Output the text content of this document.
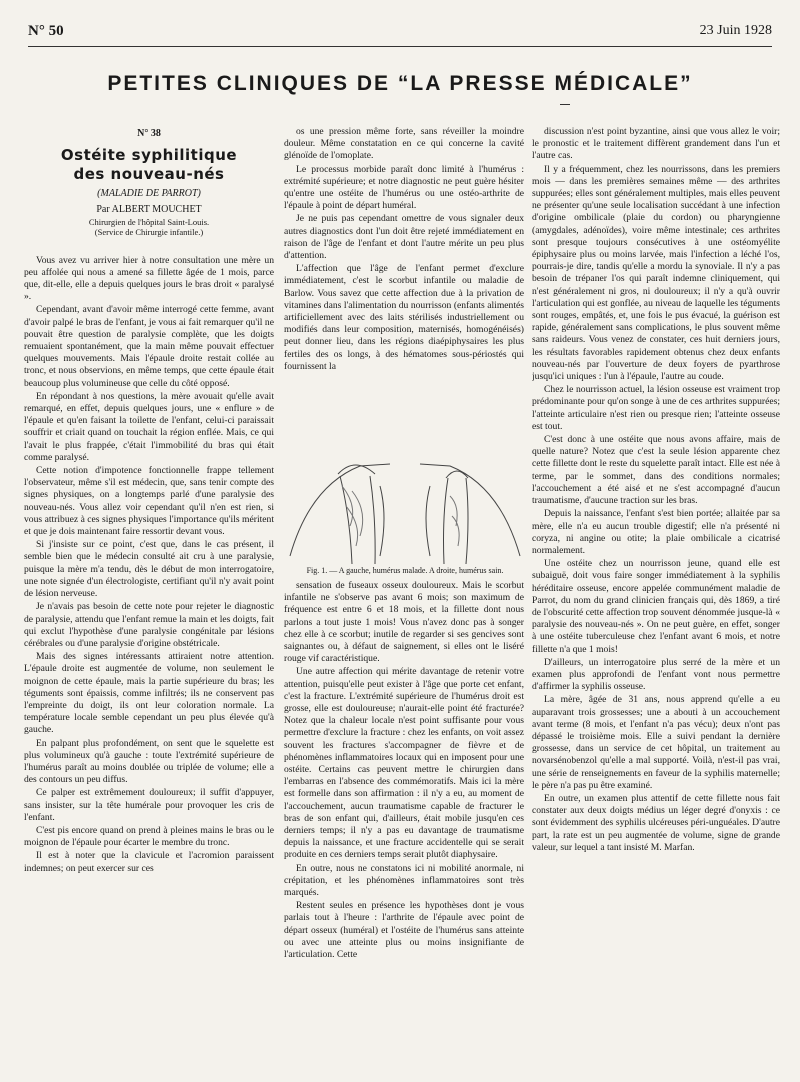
N° 50	23 Juin 1928
PETITES CLINIQUES DE “LA PRESSE MÉDICALE”
N° 38
Ostéite syphilitique
des nouveau-nés
(MALADIE DE PARROT)
Par ALBERT MOUCHET
Chirurgien de l'hôpital Saint-Louis.
(Service de Chirurgie infantile.)

Vous avez vu arriver hier à notre consultation une mère un peu affolée qui nous a amené sa fillette âgée de 1 mois, parce que, dit-elle, elle a depuis quelques jours le bras droit « paralysé ».

Cependant, avant d'avoir même interrogé cette femme, avant d'avoir palpé le bras de l'enfant, je vous ai fait remarquer qu'il ne pouvait être question de paralysie complète, que les doigts remuaient spontanément, que la main même pouvait effectuer quelques mouvements. Mais l'épaule droite restait collée au tronc, et nous observions, en même temps, que cette épaule était beaucoup plus volumineuse que celle du côté opposé.

En répondant à nos questions, la mère avouait qu'elle avait remarqué, en effet, depuis quelques jours, une « enflure » de l'épaule et qu'en faisant la toilette de l'enfant, celui-ci paraissait souffrir et criait quand on touchait la région enflée. Mais, ce qui l'avait le plus frappée, c'était l'immobilité du bras qui était comme paralysé.

Cette notion d'impotence fonctionnelle frappe tellement l'observateur, même s'il est médecin, que, sans tenir compte des signes physiques, on a longtemps parlé d'une paralysie des nouveau-nés. Vous allez voir cependant qu'il n'en est rien, si vous attribuez à ces signes physiques l'importance qu'ils méritent et que je dois maintenant faire ressortir devant vous.

Si j'insiste sur ce point, c'est que, dans le cas présent, il semble bien que le médecin consulté ait cru à une paralysie, puisque la mère m'a tendu, dès le début de mon interrogatoire, une note signée d'un électrologiste, certifiant qu'il n'y avait point de lésion nerveuse.

Je n'avais pas besoin de cette note pour rejeter le diagnostic de paralysie, attendu que l'enfant remue la main et les doigts, fait qui exclut l'hypothèse d'une paralysie congénitale par lésions cérébrales ou d'une paralysie d'origine obstétricale.

Mais des signes intéressants attiraient notre attention. L'épaule droite est augmentée de volume, non seulement le moignon de cette épaule, mais la partie supérieure du bras; les téguments sont épaissis, comme infiltrés; ils ne conservent pas l'empreinte du doigt, ils ont leur coloration normale. La température locale semble cependant un peu plus élevée qu'à gauche.

En palpant plus profondément, on sent que le squelette est plus volumineux qu'à gauche : toute l'extrémité supérieure de l'humérus paraît au moins doublée ou triplée de volume; elle a des contours un peu diffus.

Ce palper est extrêmement douloureux; il suffit d'appuyer, sans insister, sur la tête humérale pour provoquer les cris de l'enfant.

C'est pis encore quand on prend à pleines mains le bras ou le moignon de l'épaule pour écarter le membre du tronc.

Il est à noter que la clavicule et l'acromion paraissent indemnes; on peut exercer sur ces

os une pression même forte, sans réveiller la moindre douleur. Même constatation en ce qui concerne la cavité glénoïde de l'omoplate.

Le processus morbide paraît donc limité à l'humérus : extrémité supérieure; et notre diagnostic ne peut guère hésiter qu'entre une ostéite de l'humérus ou une ostéo-arthrite de l'épaule à point de départ huméral.

Je ne puis pas cependant omettre de vous signaler deux autres diagnostics dont l'un doit être rejeté immédiatement en raison de l'âge de l'enfant et dont l'autre mérite un peu plus d'attention.

L'affection que l'âge de l'enfant permet d'exclure immédiatement, c'est le scorbut infantile ou maladie de Barlow. Vous savez que cette affection due à la privation de vitamines dans l'alimentation du nourrisson (enfants alimentés artificiellement avec des laits stérilisés industriellement ou modifiés dans leur composition, maternisés, homogénéisés) peut donner lieu, dans les régions diaépiphysaires les plus fertiles des os longs, à des hématomes sous-périostés qui fournissent la

Fig. 1. — A gauche, humérus malade. A droite, humérus sain.

sensation de fuseaux osseux douloureux. Mais le scorbut infantile ne s'observe pas avant 6 mois; son maximum de fréquence est entre 6 et 18 mois, et la fillette dont nous parlons a tout juste 1 mois! Vous n'avez donc pas à songer chez elle à ce scorbut; inutile de regarder si ses gencives sont saignantes ou, à défaut de saignement, si elles ont le liséré rouge vif caractéristique.

Une autre affection qui mérite davantage de retenir votre attention, puisqu'elle peut exister à l'âge que porte cet enfant, c'est la fracture. L'extrémité supérieure de l'humérus droit est grosse, elle est douloureuse; n'aurait-elle point été fracturée? Notez que la chaleur locale n'est point suffisante pour vous permettre d'exclure la fracture : chez les enfants, on voit assez souvent les fractures s'accompagner de fièvre et de phénomènes inflammatoires locaux qui en imposent pour une ostéite. Certains cas peuvent mettre le chirurgien dans l'embarras en l'absence des commémoratifs. Mais ici la mère est formelle dans son affirmation : il n'y a eu, au moment de l'accouchement, aucun traumatisme capable de fracturer le bras de son enfant qui, d'ailleurs, était mobile jusqu'en ces derniers temps; il n'y a pas eu davantage de traumatisme depuis la naissance, et une fracture accidentelle qui se serait produite en ces derniers temps serait plutôt diaphysaire.

En outre, nous ne constatons ici ni mobilité anormale, ni crépitation, et les phénomènes inflammatoires sont très marqués.

Restent seules en présence les hypothèses dont je vous parlais tout à l'heure : l'arthrite de l'épaule avec point de départ osseux (huméral) et l'ostéite de l'humérus sans atteinte ou avec une atteinte plus ou moins insignifiante de l'articulation. Cette

discussion n'est point byzantine, ainsi que vous allez le voir; le pronostic et le traitement diffèrent grandement dans l'un et l'autre cas.

Il y a fréquemment, chez les nourrissons, dans les premiers mois — dans les premières semaines même — des arthrites suppurées; elles sont généralement multiples, mais elles peuvent ne présenter qu'une seule localisation succédant à une infection d'origine ombilicale (plaie du cordon) ou pharyngienne (amygdales, adénoïdes), voire même intestinale; ces arthrites sont presque toujours consécutives à une ostéomyélite épiphysaire plus ou moins larvée, mais l'infection a léché l'os, pourrais-je dire, tandis qu'elle a mordu la synoviale. Il n'y a pas besoin de trépaner l'os qui paraît indemne cliniquement, qui n'est généralement ni gros, ni douloureux; il n'y a qu'à ouvrir l'articulation qui est gonflée, au niveau de laquelle les téguments sont rouges, empâtés, et, une fois le pus évacué, la guérison est rapide, généralement sans complications, le plus souvent même sans raideurs. Vous venez de constater, ces huit derniers jours, les résultats favorables rapidement obtenus chez deux enfants nouveau-nés par l'ouverture de deux foyers de pyarthrose jusqu'ici uniques : l'un à l'épaule, l'autre au coude.

Chez le nourrisson actuel, la lésion osseuse est vraiment trop prédominante pour qu'on songe à une de ces arthrites suppurées; l'atteinte articulaire n'est rien ou presque rien; l'atteinte osseuse est tout.

C'est donc à une ostéite que nous avons affaire, mais de quelle nature? Notez que c'est la seule lésion apparente chez cette fillette dont le reste du squelette paraît intact. Elle est née à terme, par le sommet, dans des conditions normales; l'accouchement a été aisé et ne s'est accompagné d'aucun traumatisme, d'aucune traction sur les bras.

Depuis la naissance, l'enfant s'est bien portée; allaitée par sa mère, elle n'a eu aucun trouble digestif; elle n'a présenté ni coryza, ni angine ou otite; la plaie ombilicale a cicatrisé normalement.

Une ostéite chez un nourrisson jeune, quand elle est subaiguë, doit vous faire songer immédiatement à la syphilis héréditaire osseuse, encore appelée communément maladie de Parrot, du nom du grand clinicien français qui, dès 1869, a tiré de l'obscurité cette affection trop souvent dénommée jusque-là « paralysie des nouveau-nés ». On ne peut guère, en effet, songer à une ostéite tuberculeuse chez l'enfant avant 6 mois, et notre fillette n'a que 1 mois!

D'ailleurs, un interrogatoire plus serré de la mère et un examen plus approfondi de l'enfant vont nous permettre d'affirmer la syphilis osseuse.

La mère, âgée de 31 ans, nous apprend qu'elle a eu auparavant trois grossesses; une a abouti à un accouchement avant terme (8 mois, et l'enfant n'a pas vécu); deux n'ont pas dépassé le troisième mois. Elle a suivi pendant la dernière grossesse, dans un service de cet hôpital, un traitement au novarsénobenzol qu'elle a mal supporté. Voilà, n'est-il pas vrai, une série de renseignements en faveur de la syphilis maternelle; le père n'a pas pu être examiné.

En outre, un examen plus attentif de cette fillette nous fait constater aux deux doigts médius un léger degré d'onyxis : ce sont évidemment des syphilis ulcéreuses péri-unguéales. D'autre part, la rate est un peu augmentée de volume, signe de grande valeur, sur lequel a tant insisté M. Marfan.
